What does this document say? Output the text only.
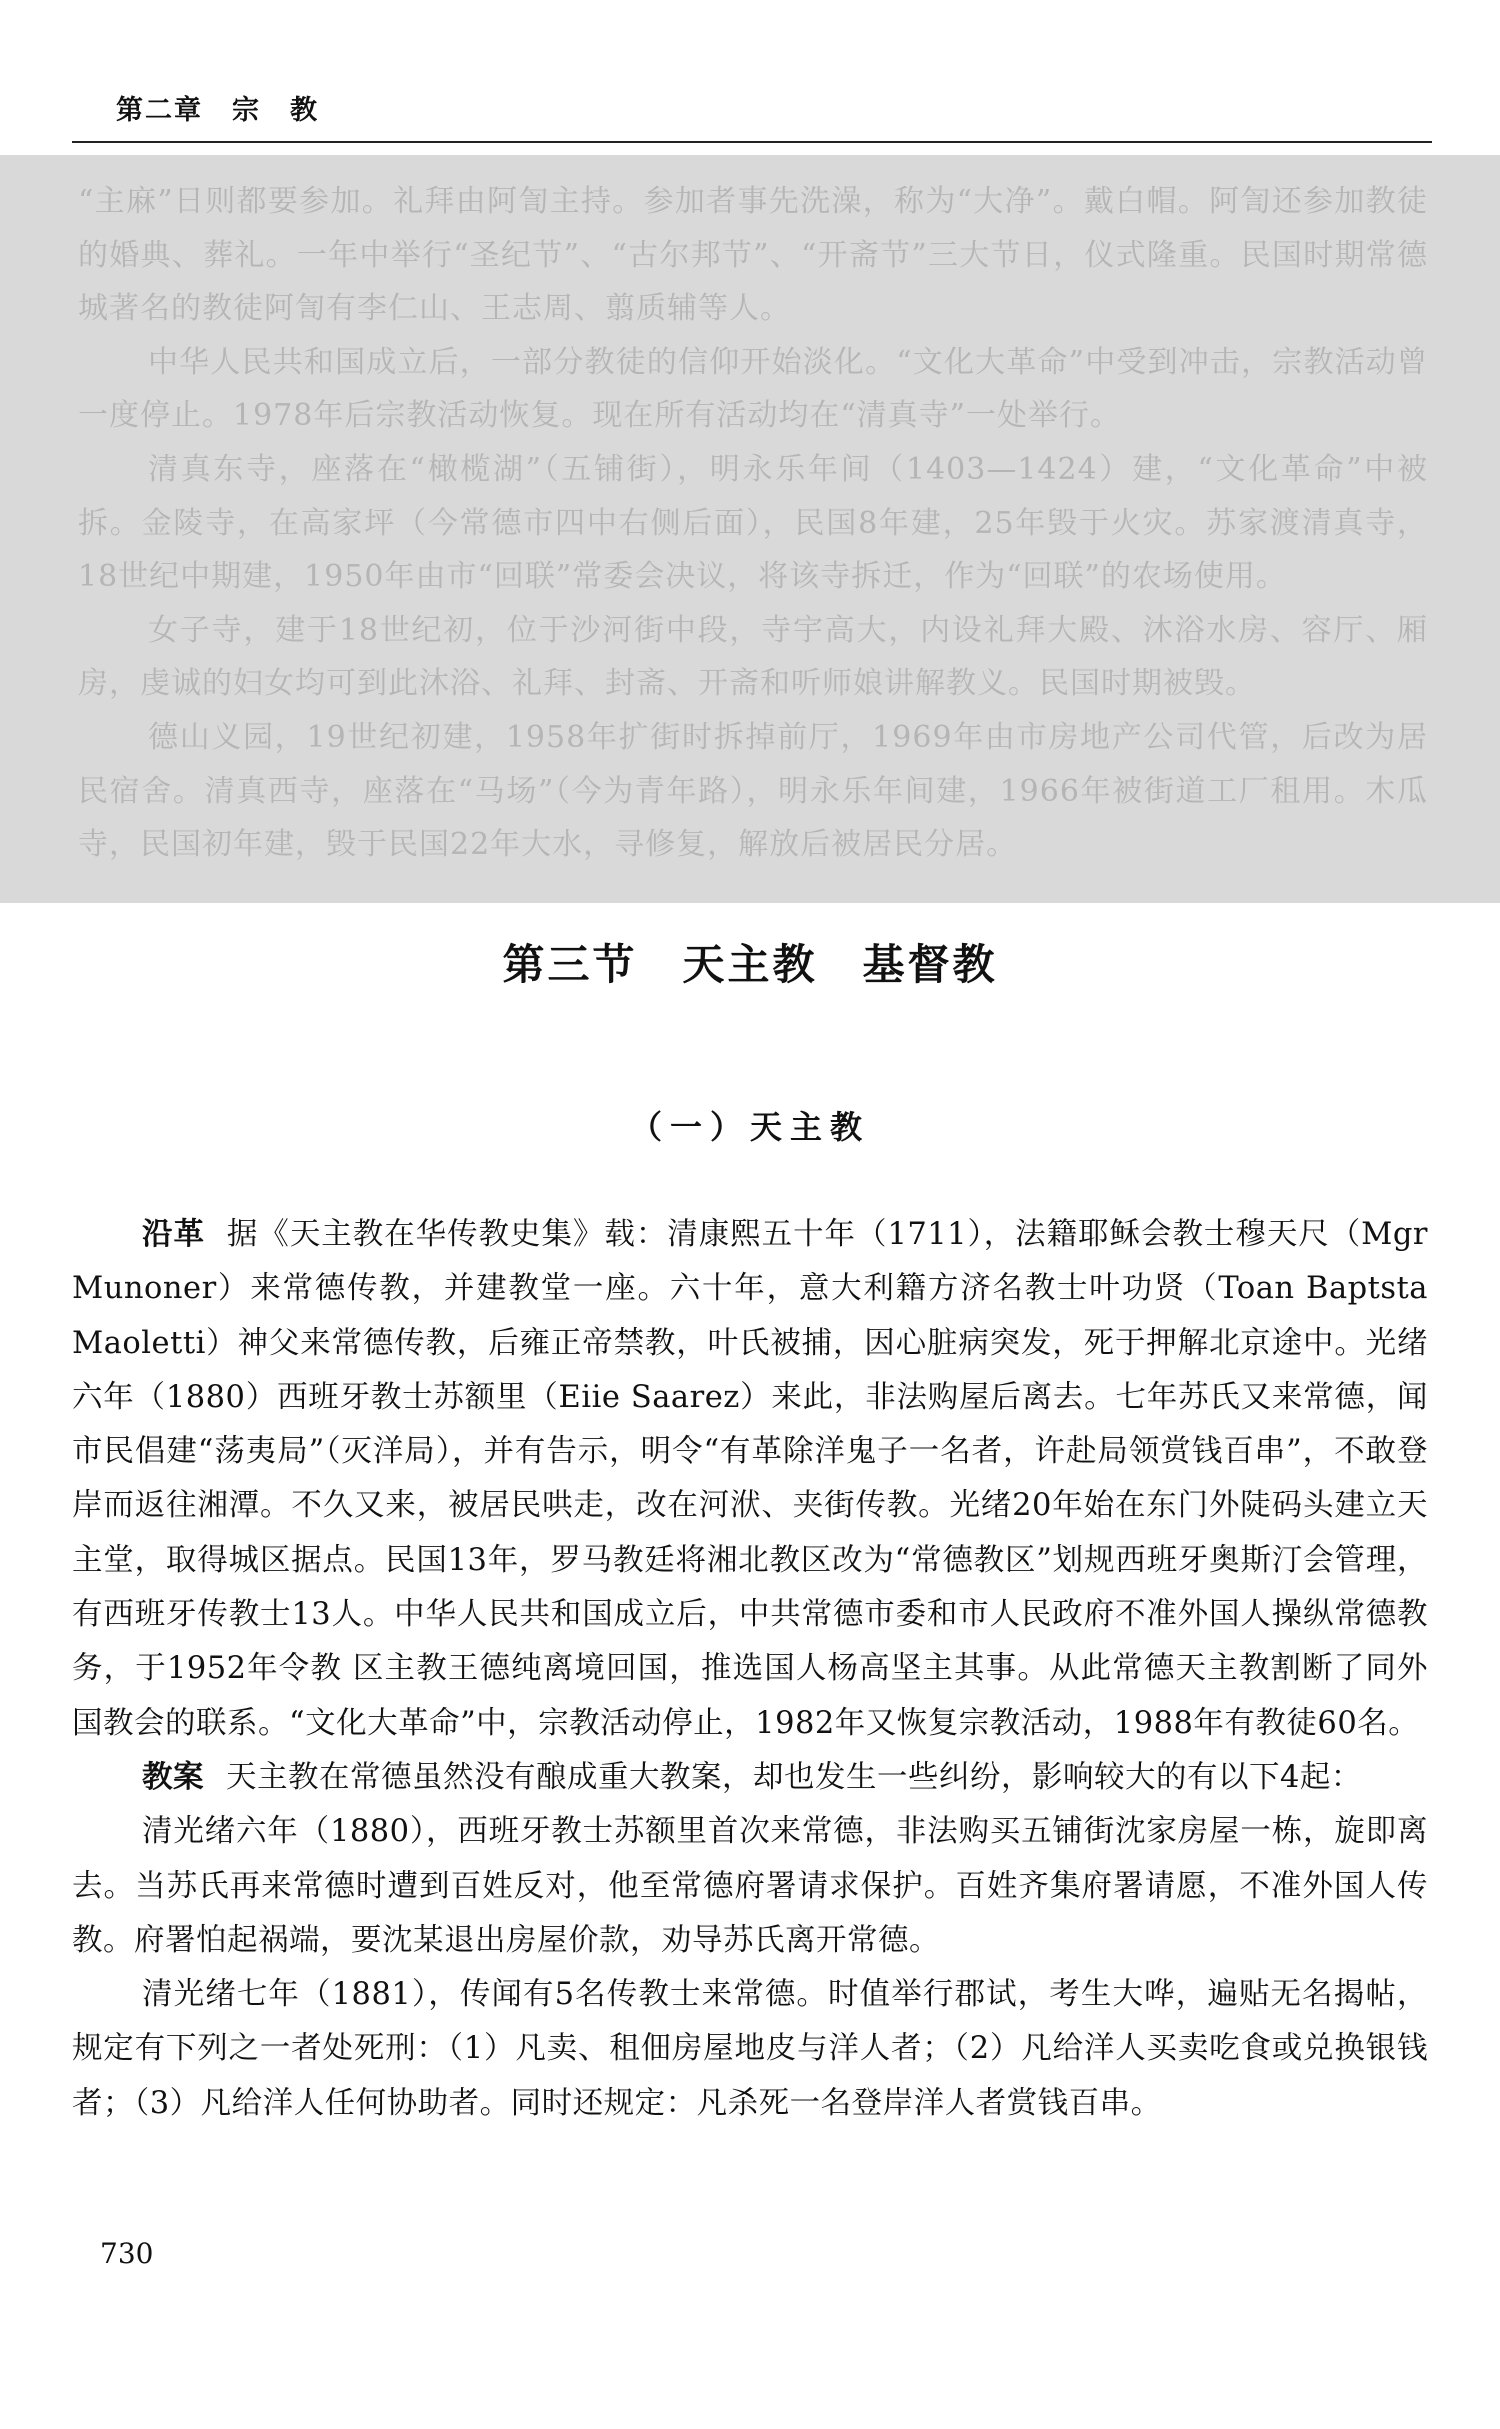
第二章　宗　教

“主麻”日则都要参加。礼拜由阿訇主持。参加者事先洗澡，称为“大净”。戴白帽。阿訇还参加教徒的婚典、葬礼。一年中举行“圣纪节”、“古尔邦节”、“开斋节”三大节日，仪式隆重。民国时期常德城著名的教徒阿訇有李仁山、王志周、翦质辅等人。

中华人民共和国成立后，一部分教徒的信仰开始淡化。“文化大革命”中受到冲击，宗教活动曾一度停止。1978年后宗教活动恢复。现在所有活动均在“清真寺”一处举行。

清真东寺，座落在“橄榄湖”（五铺街），明永乐年间（1403—1424）建，“文化革命”中被拆。金陵寺，在高家坪（今常德市四中右侧后面），民国8年建，25年毁于火灾。苏家渡清真寺，18世纪中期建，1950年由市“回联”常委会决议，将该寺拆迁，作为“回联”的农场使用。

女子寺，建于18世纪初，位于沙河街中段，寺宇高大，内设礼拜大殿、沐浴水房、容厅、厢房，虔诚的妇女均可到此沐浴、礼拜、封斋、开斋和听师娘讲解教义。民国时期被毁。

德山义园，19世纪初建，1958年扩街时拆掉前厅，1969年由市房地产公司代管，后改为居民宿舍。清真西寺，座落在“马场”（今为青年路），明永乐年间建，1966年被街道工厂租用。木瓜寺，民国初年建，毁于民国22年大水，寻修复，解放后被居民分居。

第三节　天主教　基督教
（一）天主教

沿革 据《天主教在华传教史集》载：清康熙五十年（1711），法籍耶稣会教士穆天尺（Mgr Munoner）来常德传教，并建教堂一座。六十年，意大利籍方济名教士叶功贤（Toan Baptsta Maoletti）神父来常德传教，后雍正帝禁教，叶氏被捕，因心脏病突发，死于押解北京途中。光绪六年（1880）西班牙教士苏额里（Eiie Saarez）来此，非法购屋后离去。七年苏氏又来常德，闻市民倡建“荡夷局”（灭洋局），并有告示，明令“有革除洋鬼子一名者，许赴局领赏钱百串”，不敢登岸而返往湘潭。不久又来，被居民哄走，改在河洑、夹街传教。光绪20年始在东门外陡码头建立天主堂，取得城区据点。民国13年，罗马教廷将湘北教区改为“常德教区”划规西班牙奥斯汀会管理，有西班牙传教士13人。中华人民共和国成立后，中共常德市委和市人民政府不准外国人操纵常德教务，于1952年令教 区主教王德纯离境回国，推选国人杨高坚主其事。从此常德天主教割断了同外国教会的联系。“文化大革命”中，宗教活动停止，1982年又恢复宗教活动，1988年有教徒60名。

教案 天主教在常德虽然没有酿成重大教案，却也发生一些纠纷，影响较大的有以下4起：

清光绪六年（1880），西班牙教士苏额里首次来常德，非法购买五铺街沈家房屋一栋，旋即离去。当苏氏再来常德时遭到百姓反对，他至常德府署请求保护。百姓齐集府署请愿，不准外国人传教。府署怕起祸端，要沈某退出房屋价款，劝导苏氏离开常德。

清光绪七年（1881），传闻有5名传教士来常德。时值举行郡试，考生大哗，遍贴无名揭帖，规定有下列之一者处死刑：（1）凡卖、租佃房屋地皮与洋人者；（2）凡给洋人买卖吃食或兑换银钱者；（3）凡给洋人任何协助者。同时还规定：凡杀死一名登岸洋人者赏钱百串。

730
